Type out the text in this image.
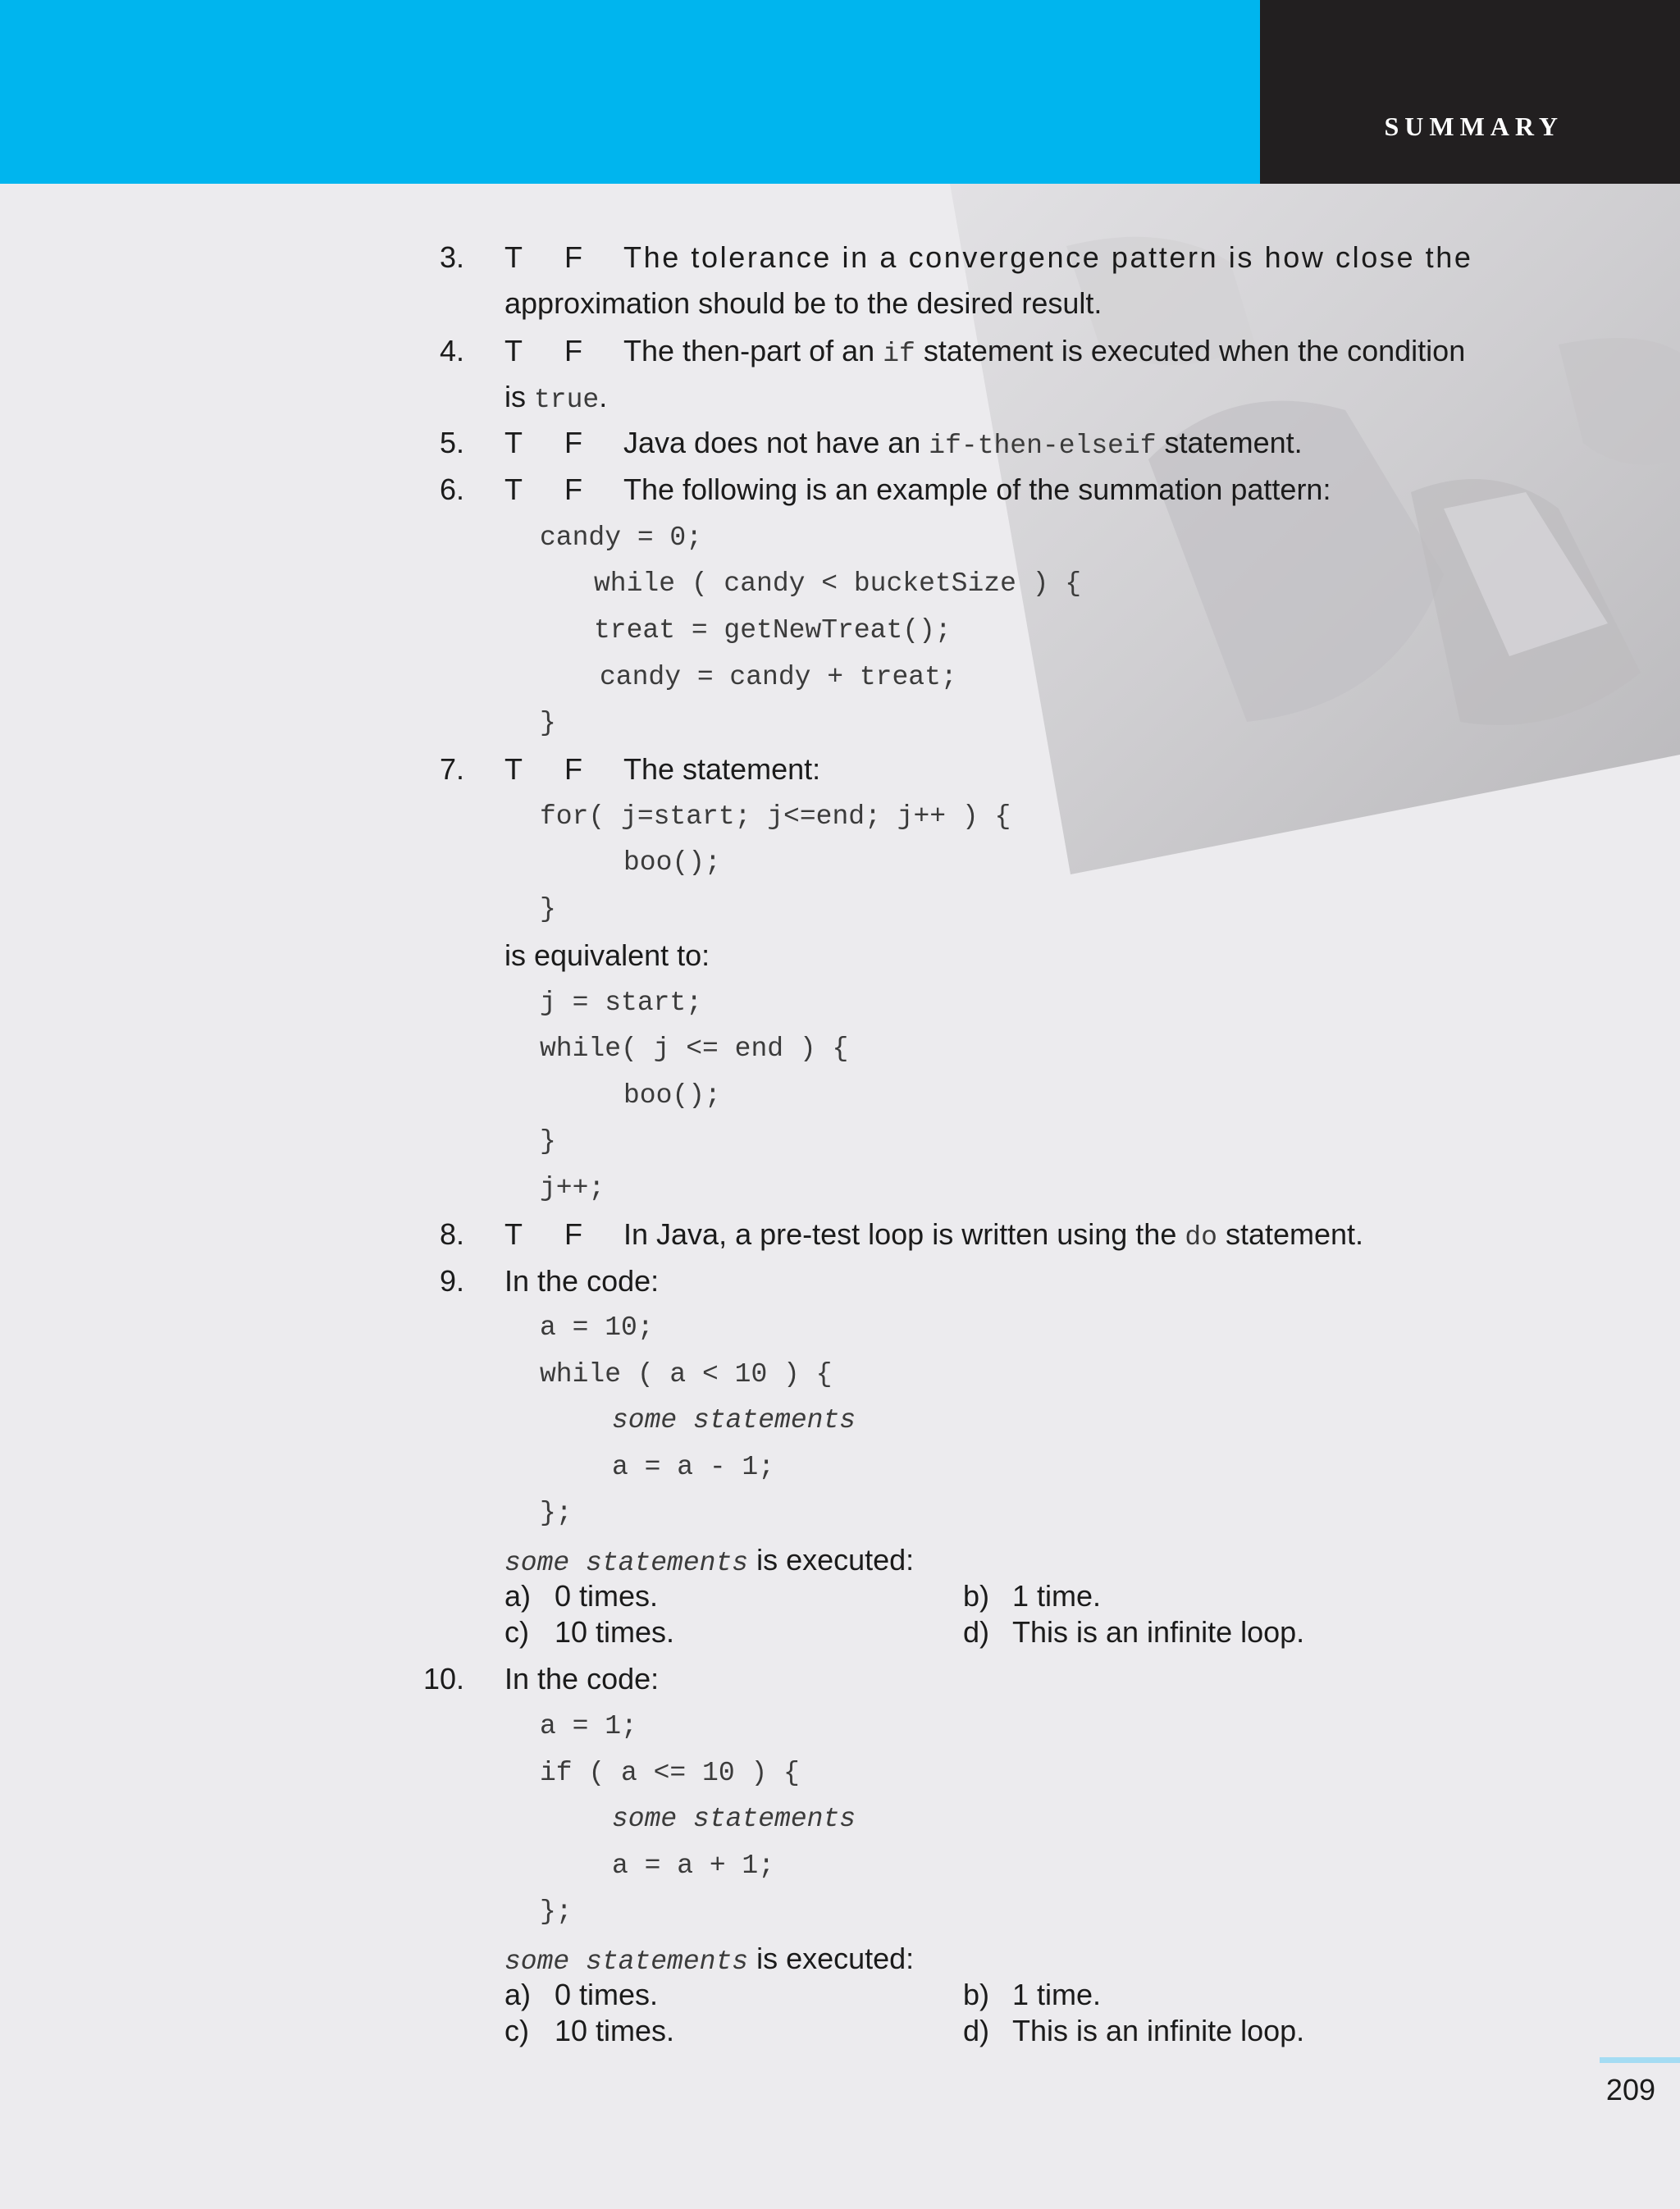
SUMMARY
3. T F The tolerance in a convergence pattern is how close the
approximation should be to the desired result.
4. T F The then-part of an if statement is executed when the condition
is true.
5. T F Java does not have an if-then-elseif statement.
6. T F The following is an example of the summation pattern:
candy = 0;
while ( candy < bucketSize ) {
treat = getNewTreat();
candy = candy + treat;
}
7. T F The statement:
for( j=start; j<=end; j++ ) {
boo();
}
is equivalent to:
j = start;
while( j <= end ) {
boo();
}
j++;
8. T F In Java, a pre-test loop is written using the do statement.
9. In the code:
a = 10;
while ( a < 10 ) {
some statements
a = a - 1;
};
some statements is executed:
a) 0 times.	b) 1 time.
c) 10 times.	d) This is an infinite loop.
10. In the code:
a = 1;
if ( a <= 10 ) {
some statements
a = a + 1;
};
some statements is executed:
a) 0 times.	b) 1 time.
c) 10 times.	d) This is an infinite loop.
209
